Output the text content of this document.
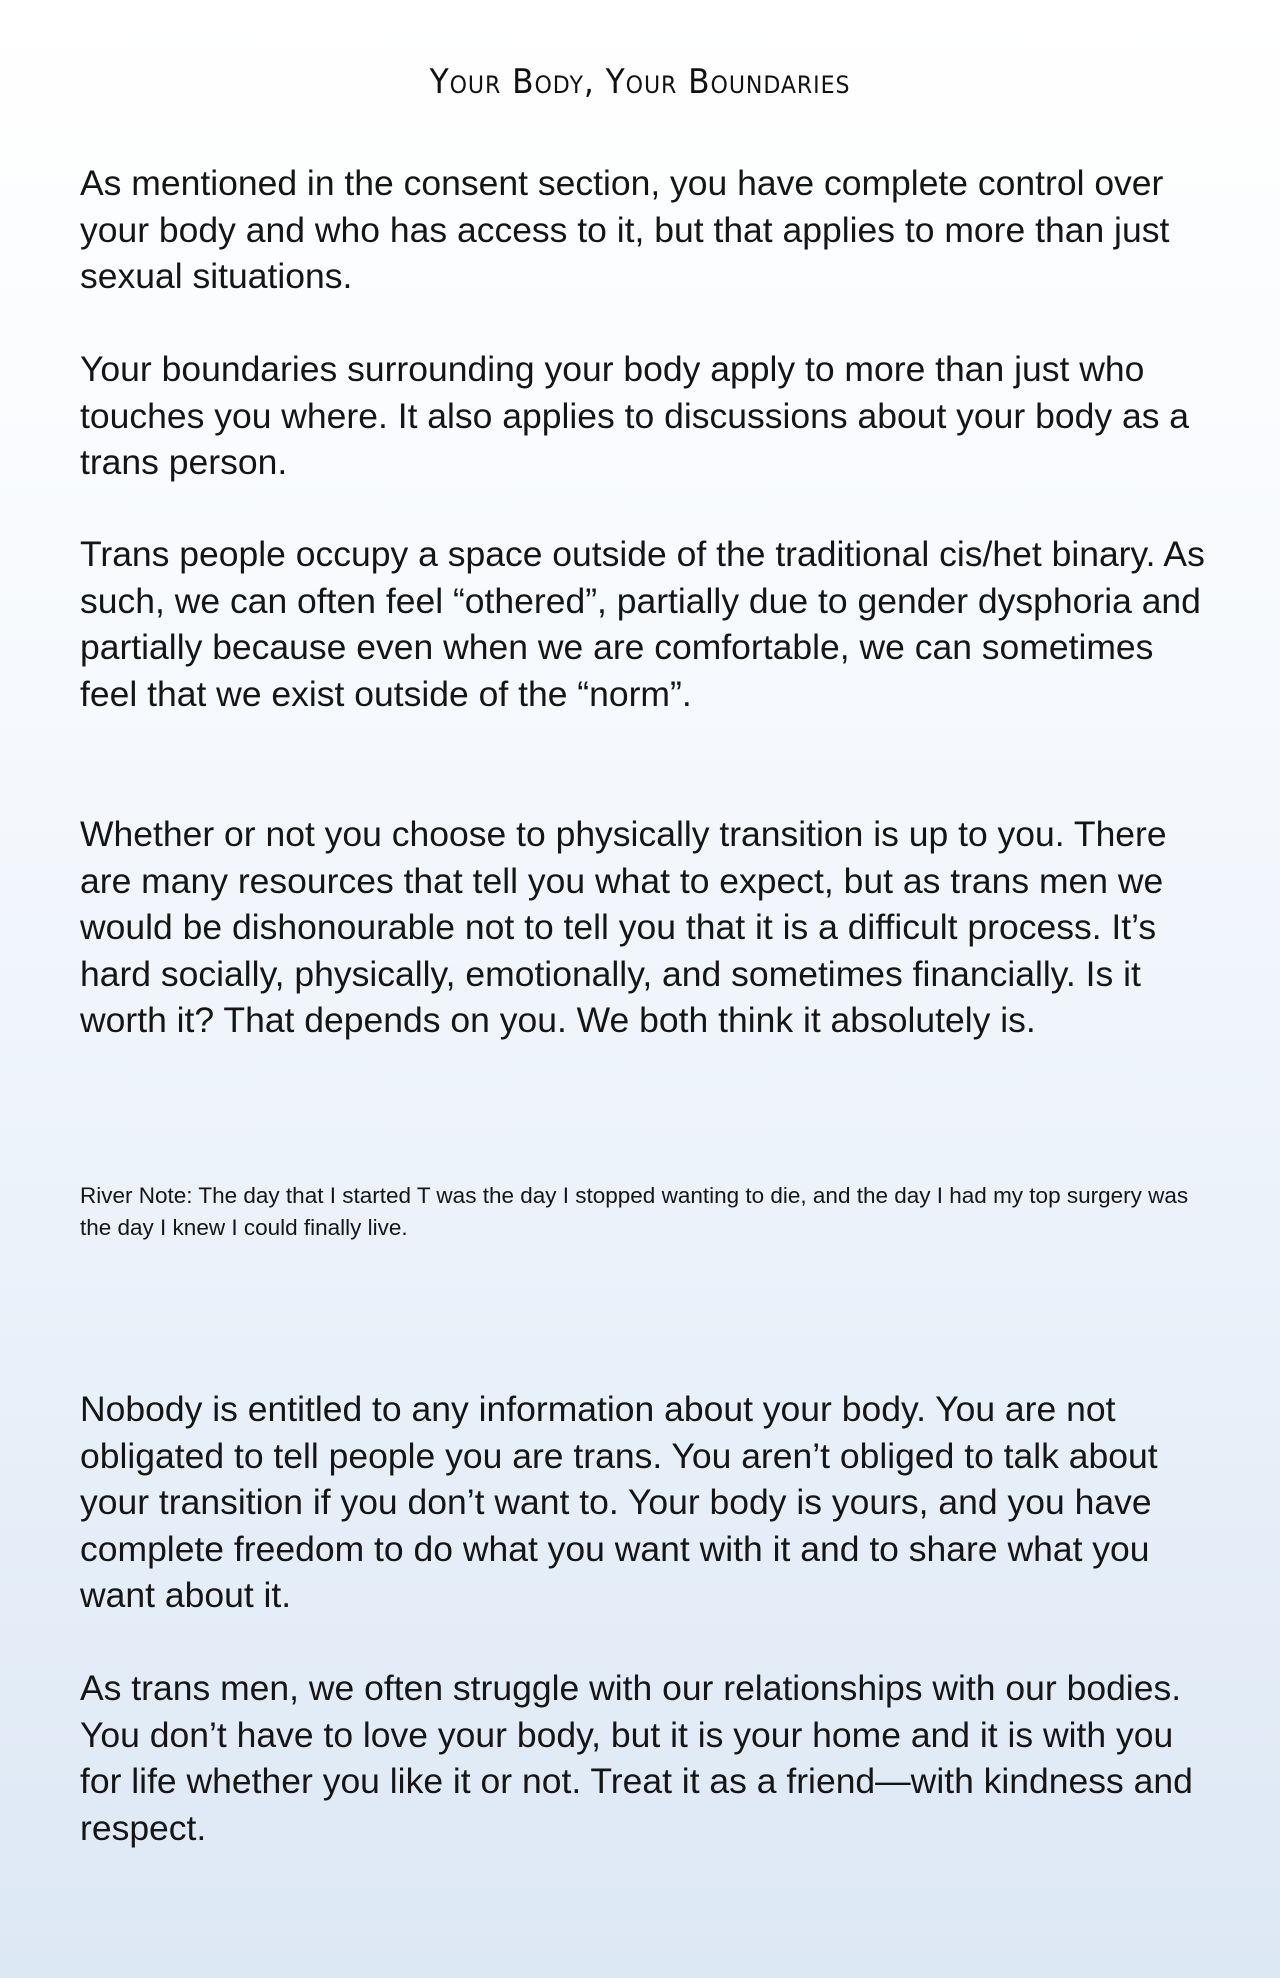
Your Body, Your Boundaries

As mentioned in the consent section, you have complete control over your body and who has access to it, but that applies to more than just sexual situations.

Your boundaries surrounding your body apply to more than just who touches you where. It also applies to discussions about your body as a trans person.

Trans people occupy a space outside of the traditional cis/het binary. As such, we can often feel “othered”, partially due to gender dysphoria and partially because even when we are comfortable, we can sometimes feel that we exist outside of the “norm”.

Whether or not you choose to physically transition is up to you. There are many resources that tell you what to expect, but as trans men we would be dishonourable not to tell you that it is a difficult process. It’s hard socially, physically, emotionally, and sometimes financially. Is it worth it? That depends on you. We both think it absolutely is.

River Note: The day that I started T was the day I stopped wanting to die, and the day I had my top surgery was the day I knew I could finally live.

Nobody is entitled to any information about your body. You are not obligated to tell people you are trans. You aren’t obliged to talk about your transition if you don’t want to. Your body is yours, and you have complete freedom to do what you want with it and to share what you want about it.

As trans men, we often struggle with our relationships with our bodies. You don’t have to love your body, but it is your home and it is with you for life whether you like it or not. Treat it as a friend—with kindness and respect.
